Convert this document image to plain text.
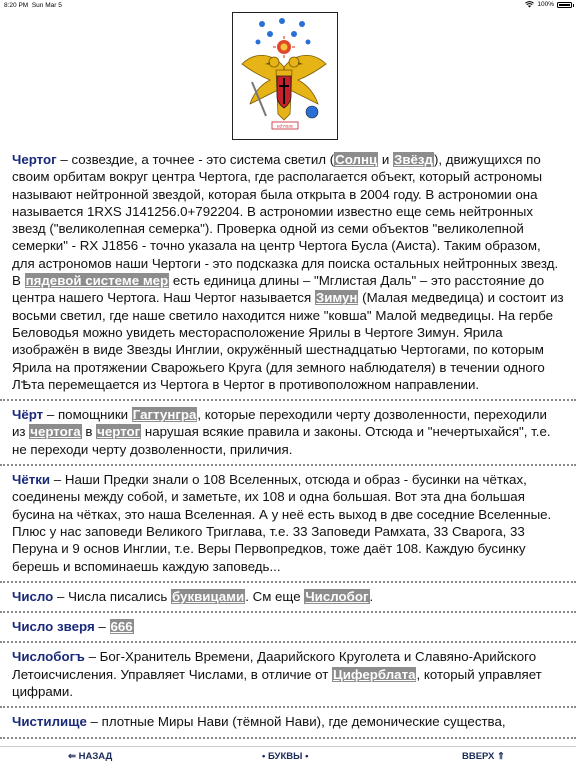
8:20 PM Sun Mar 5	100%
ÐŽŸŒŒ
Чертог – созвездие, а точнее - это система светил (Солнц и Звёзд), движущихся по своим орбитам вокруг центра Чертога, где располагается объект, который астрономы называют нейтронной звездой, которая была открыта в 2004 году. В астрономии она называется 1RXS J141256.0+792204. В астрономии известно еще семь нейтронных звезд ("великолепная семерка"). Проверка одной из семи объектов "великолепной семерки" - RX J1856 - точно указала на центр Чертога Бусла (Аиста). Таким образом, для астрономов наши Чертоги - это подсказка для поиска остальных нейтронных звезд. В пядевой системе мер есть единица длины – "Мглистая Даль" – это расстояние до центра нашего Чертога. Наш Чертог называется Зимун (Малая медведица) и состоит из восьми светил, где наше светило находится ниже "ковша" Малой медведицы. На гербе Беловодья можно увидеть месторасположение Ярилы в Чертоге Зимун. Ярила изображён в виде Звезды Инглии, окружённый шестнадцатью Чертогами, по которым Ярила на протяжении Сварожьего Круга (для земного наблюдателя) в течении одного ЛѢта перемещается из Чертога в Чертог в противоположном направлении.
Чёрт – помощники Гагтунгра, которые переходили черту дозволенности, переходили из чертога в чертог нарушая всякие правила и законы. Отсюда и "нечертыхайся", т.е. не переходи черту дозволенности, приличия.
Чётки – Наши Предки знали о 108 Вселенных, отсюда и образ - бусинки на чётках, соединены между собой, и заметьте, их 108 и одна большая. Вот эта дна большая бусина на чётках, это наша Вселенная. А у неё есть выход в две соседние Вселенные. Плюс у нас заповеди Великого Триглава, т.е. 33 Заповеди Рамхата, 33 Сварога, 33 Перуна и 9 основ Инглии, т.е. Веры Первопредков, тоже даёт 108. Каждую бусинку берешь и вспоминаешь каждую заповедь...
Число – Числа писались буквицами. См еще Числобог.
Число зверя – 666
Числобогъ – Бог-Хранитель Времени, Даарийского Круголета и Славяно-Арийского Летоисчисления. Управляет Числами, в отличие от Циферблата, который управляет цифрами.
Чистилище – плотные Миры Нави (тёмной Нави), где демонические существа,
⇐ НАЗАД	• БУКВЫ •	ВВЕРХ ⇑
